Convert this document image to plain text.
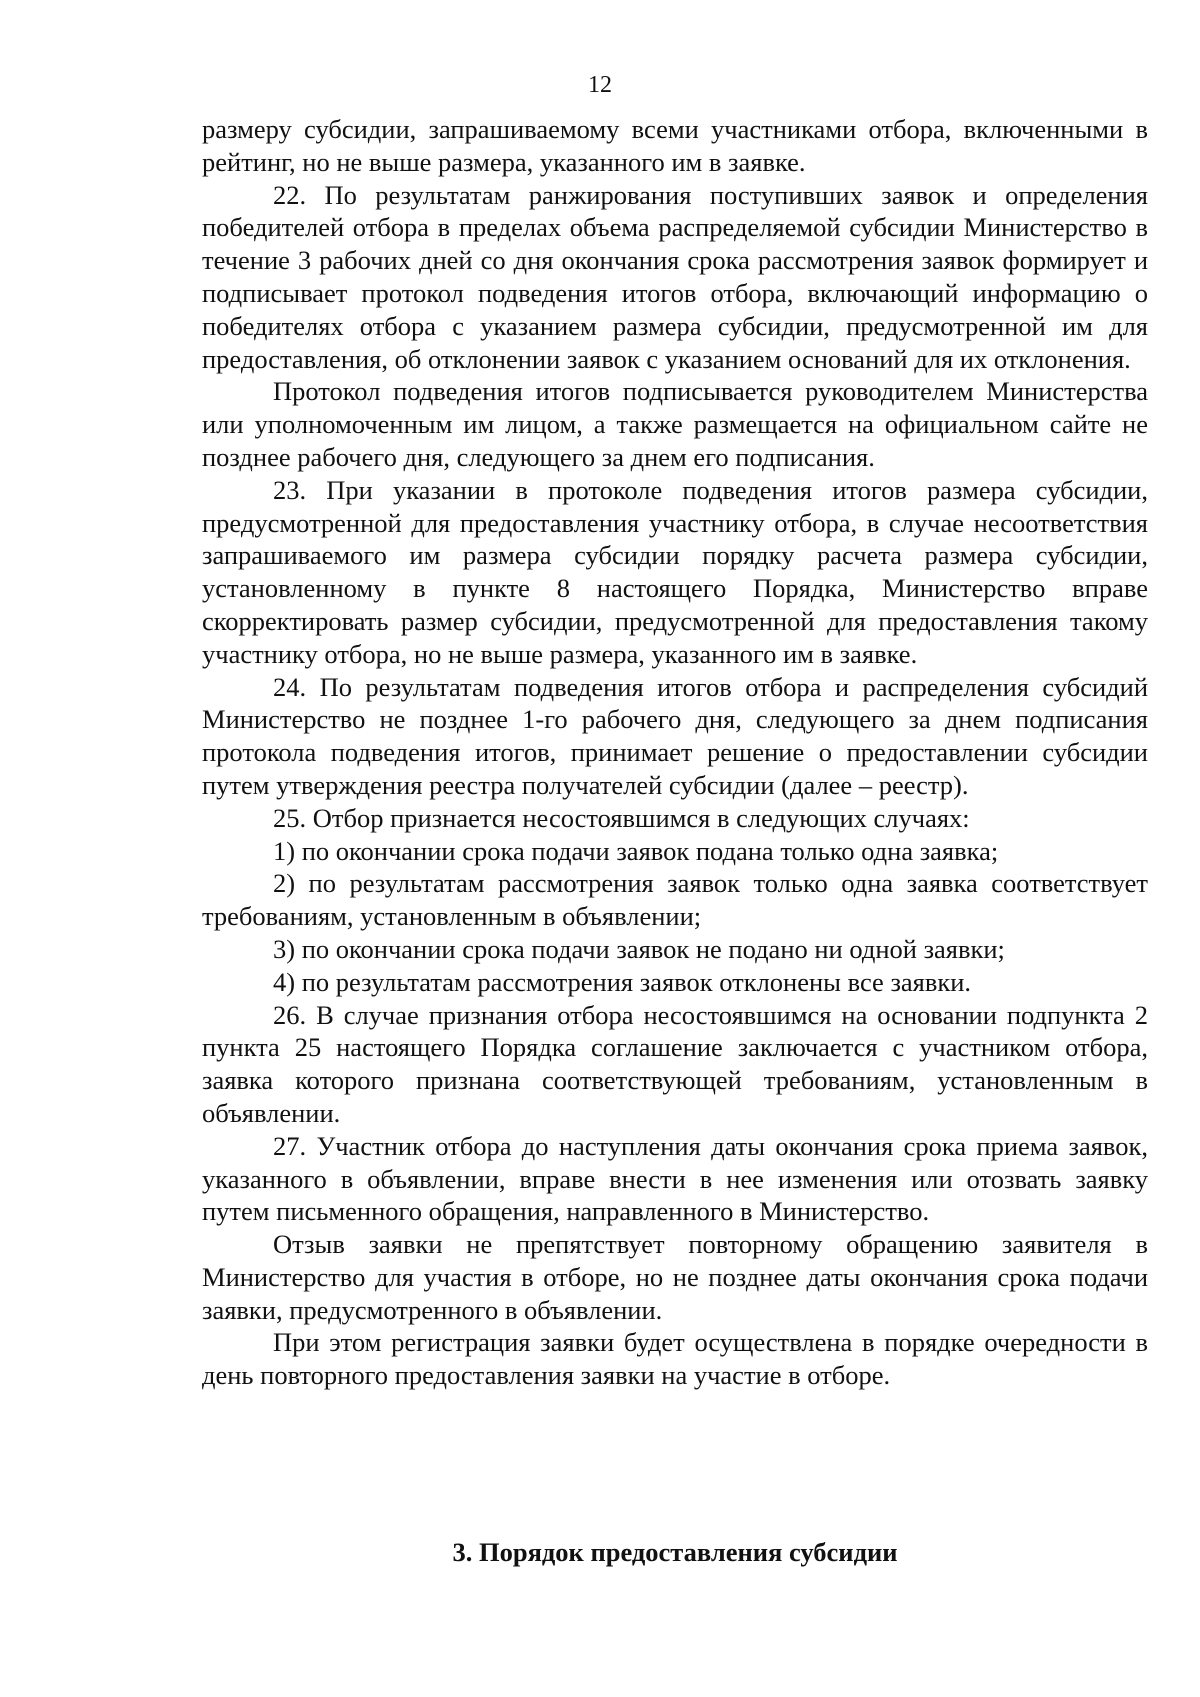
12

размеру субсидии, запрашиваемому всеми участниками отбора, включенными в рейтинг, но не выше размера, указанного им в заявке.

22. По результатам ранжирования поступивших заявок и определения победителей отбора в пределах объема распределяемой субсидии Министерство в течение 3 рабочих дней со дня окончания срока рассмотрения заявок формирует и подписывает протокол подведения итогов отбора, включающий информацию о победителях отбора с указанием размера субсидии, предусмотренной им для предоставления, об отклонении заявок с указанием оснований для их отклонения.

Протокол подведения итогов подписывается руководителем Министерства или уполномоченным им лицом, а также размещается на официальном сайте не позднее рабочего дня, следующего за днем его подписания.

23. При указании в протоколе подведения итогов размера субсидии, предусмотренной для предоставления участнику отбора, в случае несоответствия запрашиваемого им размера субсидии порядку расчета размера субсидии, установленному в пункте 8 настоящего Порядка, Министерство вправе скорректировать размер субсидии, предусмотренной для предоставления такому участнику отбора, но не выше размера, указанного им в заявке.

24. По результатам подведения итогов отбора и распределения субсидий Министерство не позднее 1-го рабочего дня, следующего за днем подписания протокола подведения итогов, принимает решение о предоставлении субсидии путем утверждения реестра получателей субсидии (далее – реестр).

25. Отбор признается несостоявшимся в следующих случаях:

1) по окончании срока подачи заявок подана только одна заявка;

2) по результатам рассмотрения заявок только одна заявка соответствует требованиям, установленным в объявлении;

3) по окончании срока подачи заявок не подано ни одной заявки;

4) по результатам рассмотрения заявок отклонены все заявки.

26. В случае признания отбора несостоявшимся на основании подпункта 2 пункта 25 настоящего Порядка соглашение заключается с участником отбора, заявка которого признана соответствующей требованиям, установленным в объявлении.

27. Участник отбора до наступления даты окончания срока приема заявок, указанного в объявлении, вправе внести в нее изменения или отозвать заявку путем письменного обращения, направленного в Министерство.

Отзыв заявки не препятствует повторному обращению заявителя в Министерство для участия в отборе, но не позднее даты окончания срока подачи заявки, предусмотренного в объявлении.

При этом регистрация заявки будет осуществлена в порядке очередности в день повторного предоставления заявки на участие в отборе.

3. Порядок предоставления субсидии
